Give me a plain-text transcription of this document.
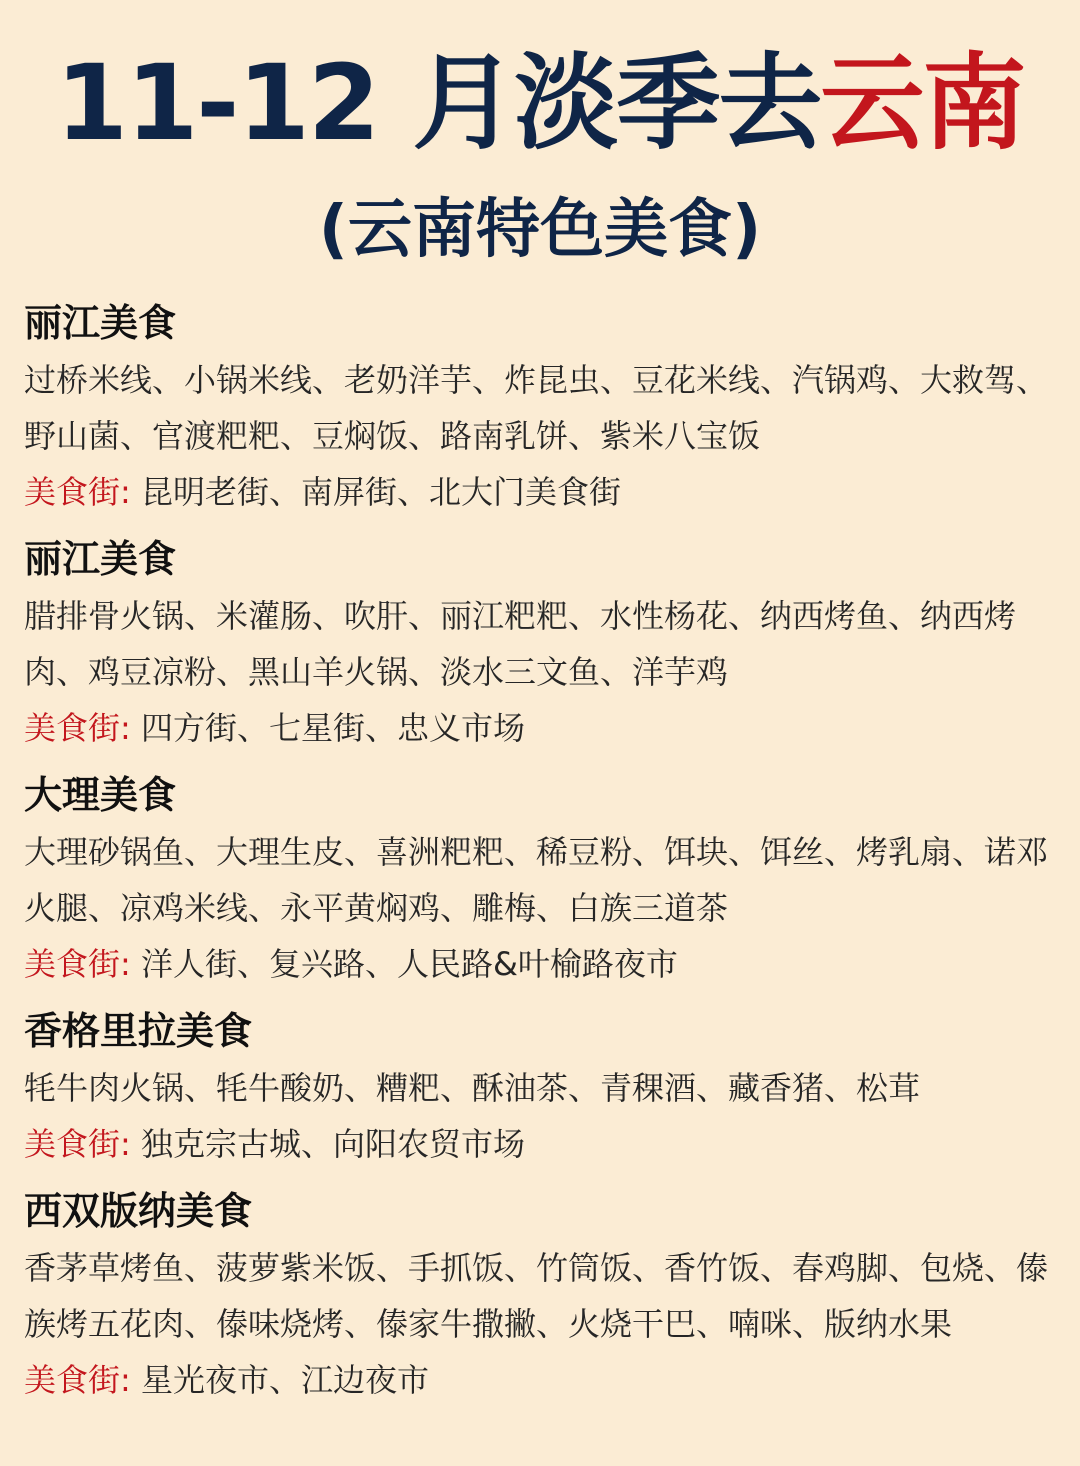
11-12 月淡季去云南
(云南特色美食)
丽江美食

过桥米线、小锅米线、老奶洋芋、炸昆虫、豆花米线、汽锅鸡、大救驾、野山菌、官渡粑粑、豆焖饭、路南乳饼、紫米八宝饭

美食街: 昆明老街、南屏街、北大门美食街

丽江美食

腊排骨火锅、米灌肠、吹肝、丽江粑粑、水性杨花、纳西烤鱼、纳西烤肉、鸡豆凉粉、黑山羊火锅、淡水三文鱼、洋芋鸡

美食街: 四方街、七星街、忠义市场

大理美食

大理砂锅鱼、大理生皮、喜洲粑粑、稀豆粉、饵块、饵丝、烤乳扇、诺邓火腿、凉鸡米线、永平黄焖鸡、雕梅、白族三道茶

美食街: 洋人街、复兴路、人民路&叶榆路夜市

香格里拉美食

牦牛肉火锅、牦牛酸奶、糟粑、酥油茶、青稞酒、藏香猪、松茸

美食街: 独克宗古城、向阳农贸市场

西双版纳美食

香茅草烤鱼、菠萝紫米饭、手抓饭、竹筒饭、香竹饭、春鸡脚、包烧、傣族烤五花肉、傣味烧烤、傣家牛撒撇、火烧干巴、喃咪、版纳水果

美食街: 星光夜市、江边夜市
